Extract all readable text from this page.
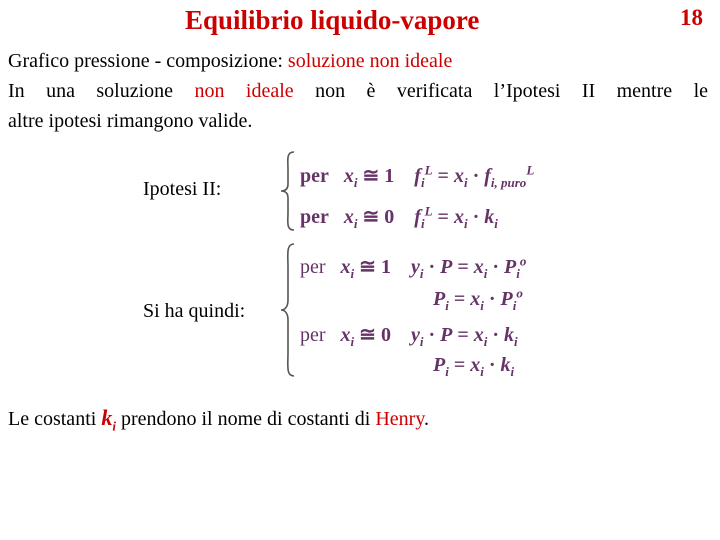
Equilibrio liquido-vapore	18
Grafico pressione - composizione: soluzione non ideale
In una soluzione non ideale non è verificata l’Ipotesi II mentre le
altre ipotesi rimangono valide.
Ipotesi II:
per $x_i$ ≅ 1 $f_i^L = x_i \cdot f_{i, puro}^L$
per $x_i$ ≅ 0 $f_i^L = x_i \cdot k_i$
Si ha quindi:
per $x_i$ ≅ 1 $y_i \cdot P = x_i \cdot P_i^o$
$P_i = x_i \cdot P_i^o$
per $x_i$ ≅ 0 $y_i \cdot P = x_i \cdot k_i$
$P_i = x_i \cdot k_i$
Le costanti $k_i$ prendono il nome di costanti di Henry.
